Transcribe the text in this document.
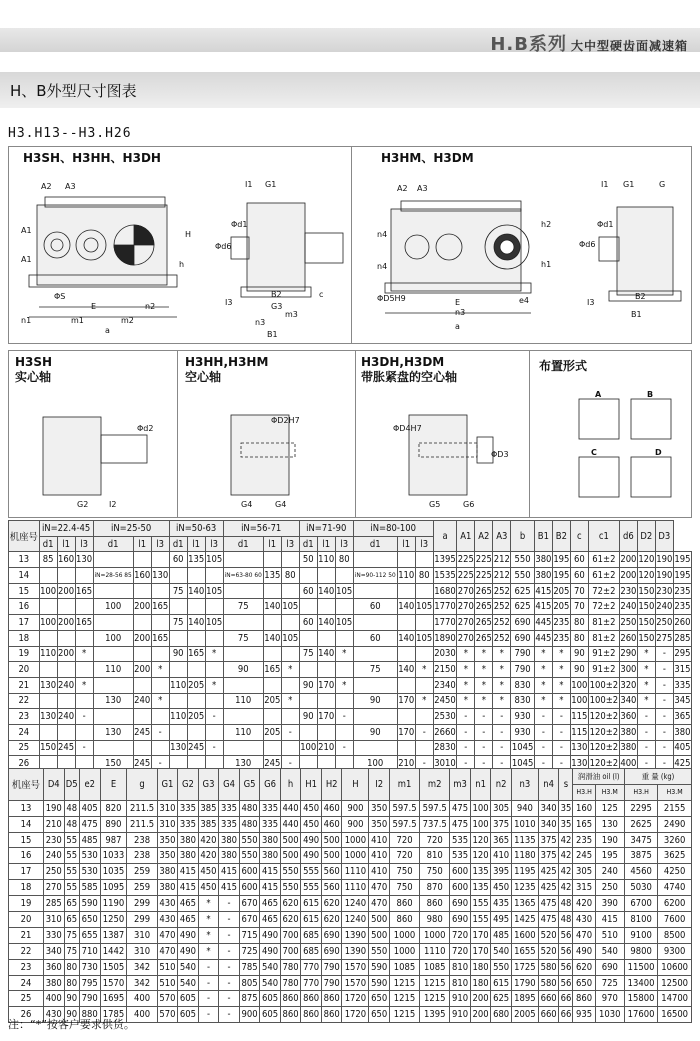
H.B系列 大中型硬齿面减速箱
H、B外型尺寸图表
H3.H13--H3.H26
H3SH、H3HH、H3DH	H3HM、H3DM
A2 A3
A1
A1
H
h
ΦS
E	n2
n1	m1	m2
a
I1 G1
Φd6
Φd1
I3
B2
G3
m3
n3
B1
c
A2 A3
n4
n4
ΦD5H9	E	e4
n3
a
h2
h1
I1 G1	G
Φd6
Φd1
I3
B2
B1
H3SH
实心轴
H3HH,H3HM
空心轴
H3DH,H3DM
带胀紧盘的空心轴
布置形式
Φd2
G2	I2
ΦD2H7
G4	G4
ΦD4H7
ΦD3
G5	G6
A	B
C	D
机座号	iN=22.4-45			iN=25-50			iN=50-63			iN=56-71			iN=71-90			iN=80-100			a	A1	A2	A3	b	B1	B2	c	c1	d6	D2	D3	
	d1	l1	l3	d1	l1	l3	d1	l1	l3	d1	l1	l3	d1	l1	l3	d1	l1	l3													
13	85	160	130				60	135	105				50	110	80				1395	225	225	212	550	380	195	60	61±2	200	120	190	195
14				iN=28-56 85	160	130				iN=63-80 60	135	80				iN=90-112 50	110	80	1535	225	225	212	550	380	195	60	61±2	200	120	190	195
15	100	200	165				75	140	105				60	140	105				1680	270	265	252	625	415	205	70	72±2	230	150	230	235
16				100	200	165				75	140	105				60	140	105	1770	270	265	252	625	415	205	70	72±2	240	150	240	235
17	100	200	165				75	140	105				60	140	105				1770	270	265	252	690	445	235	80	81±2	250	150	250	260
18				100	200	165				75	140	105				60	140	105	1890	270	265	252	690	445	235	80	81±2	260	150	275	285
19	110	200	*				90	165	*				75	140	*				2030	*	*	*	790	*	*	90	91±2	290	*	-	295
20				110	200	*				90	165	*				75	140	*	2150	*	*	*	790	*	*	90	91±2	300	*	-	315
21	130	240	*				110	205	*				90	170	*				2340	*	*	*	830	*	*	100	100±2	320	*	-	335
22				130	240	*				110	205	*				90	170	*	2450	*	*	*	830	*	*	100	100±2	340	*	-	345
23	130	240	-				110	205	-				90	170	-				2530	-	-	-	930	-	-	115	120±2	360	-	-	365
24				130	245	-				110	205	-				90	170	-	2660	-	-	-	930	-	-	115	120±2	380	-	-	380
25	150	245	-				130	245	-				100	210	-				2830	-	-	-	1045	-	-	130	120±2	380	-	-	405
26				150	245	-				130	245	-				100	210	-	3010	-	-	-	1045	-	-	130	120±2	400	-	-	425
机座号	D4	D5	e2	E	g	G1	G2	G3	G4	G5	G6	h	H1	H2	H	I2	m1	m2	m3	n1	n2	n3	n4	s	润滑油 oil (l)		重 量 (kg)	
																									H3.H	H3.M	H3.H	H3.M
13	190	48	405	820	211.5	310	335	385	335	480	335	440	450	460	900	350	597.5	597.5	475	100	305	940	340	35	160	125	2295	2155
14	210	48	475	890	211.5	310	335	385	335	480	335	440	450	460	900	350	597.5	737.5	475	100	375	1010	340	35	165	130	2625	2490
15	230	55	485	987	238	350	380	420	380	550	380	500	490	500	1000	410	720	720	535	120	365	1135	375	42	235	190	3475	3260
16	240	55	530	1033	238	350	380	420	380	550	380	500	490	500	1000	410	720	810	535	120	410	1180	375	42	245	195	3875	3625
17	250	55	530	1035	259	380	415	450	415	600	415	550	555	560	1110	410	750	750	600	135	395	1195	425	42	305	240	4560	4250
18	270	55	585	1095	259	380	415	450	415	600	415	550	555	560	1110	470	750	870	600	135	450	1235	425	42	315	250	5030	4740
19	285	65	590	1190	299	430	465	*	-	670	465	620	615	620	1240	470	860	860	690	155	435	1365	475	48	420	390	6700	6200
20	310	65	650	1250	299	430	465	*	-	670	465	620	615	620	1240	500	860	980	690	155	495	1425	475	48	430	415	8100	7600
21	330	75	655	1387	310	470	490	*	-	715	490	700	685	690	1390	500	1000	1000	720	170	485	1600	520	56	470	510	9100	8500
22	340	75	710	1442	310	470	490	*	-	725	490	700	685	690	1390	550	1000	1110	720	170	540	1655	520	56	490	540	9800	9300
23	360	80	730	1505	342	510	540	-	-	785	540	780	770	790	1570	590	1085	1085	810	180	550	1725	580	56	620	690	11500	10600
24	380	80	795	1570	342	510	540	-	-	805	540	780	770	790	1570	590	1215	1215	810	180	615	1790	580	56	650	725	13400	12500
25	400	90	790	1695	400	570	605	-	-	875	605	860	860	860	1720	650	1215	1215	910	200	625	1895	660	66	860	970	15800	14700
26	430	90	880	1785	400	570	605	-	-	900	605	860	860	860	1720	650	1215	1395	910	200	680	2005	660	66	935	1030	17600	16500
注：“*”按客户要求供货。
